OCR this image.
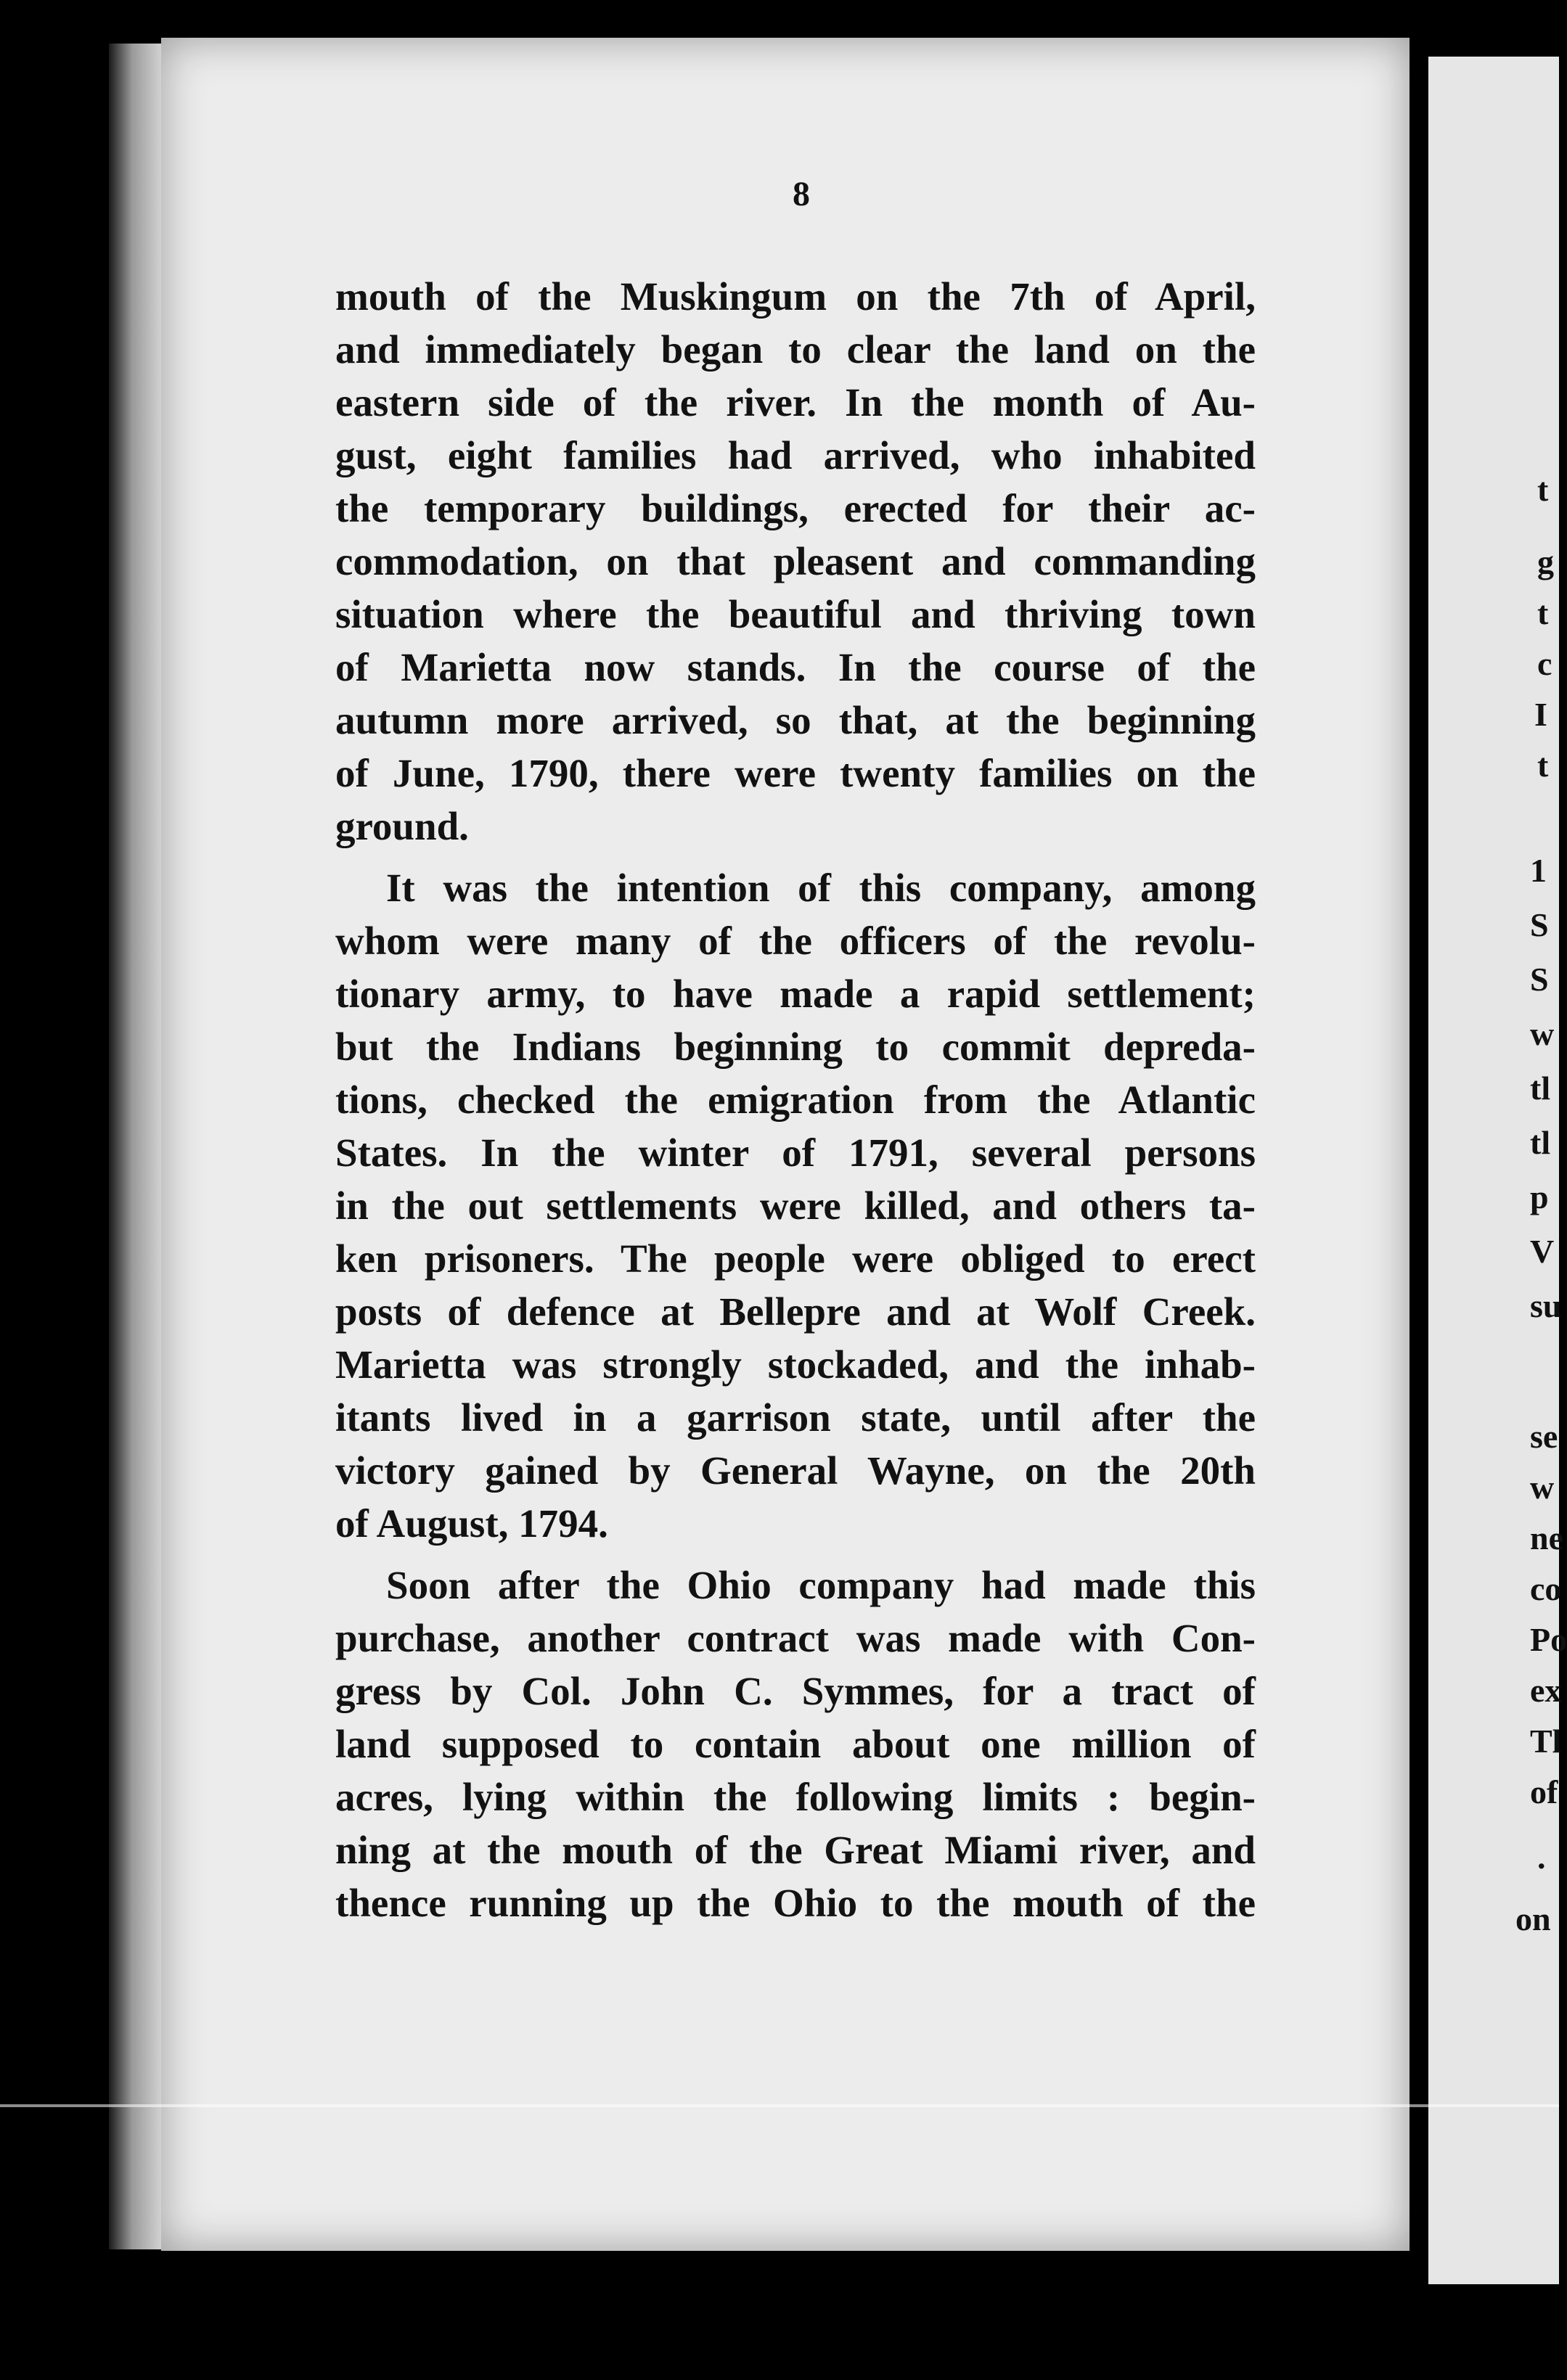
8
mouth of the Muskingum on the 7th of April,
and immediately began to clear the land on the
eastern side of the river. In the month of Au-
gust, eight families had arrived, who inhabited
the temporary buildings, erected for their ac-
commodation, on that pleasent and commanding
situation where the beautiful and thriving town
of Marietta now stands. In the course of the
autumn more arrived, so that, at the beginning
of June, 1790, there were twenty families on the
ground.
It was the intention of this company, among
whom were many of the officers of the revolu-
tionary army, to have made a rapid settlement;
but the Indians beginning to commit depreda-
tions, checked the emigration from the Atlantic
States. In the winter of 1791, several persons
in the out settlements were killed, and others ta-
ken prisoners. The people were obliged to erect
posts of defence at Bellepre and at Wolf Creek.
Marietta was strongly stockaded, and the inhab-
itants lived in a garrison state, until after the
victory gained by General Wayne, on the 20th
of August, 1794.
Soon after the Ohio company had made this
purchase, another contract was made with Con-
gress by Col. John C. Symmes, for a tract of
land supposed to contain about one million of
acres, lying within the following limits : begin-
ning at the mouth of the Great Miami river, and
thence running up the Ohio to the mouth of the
t
g
t
c
I
t
1
S
S
w
tl
tl
p
V
su
se
w
ne
co
Po
ex
Tl
of
.
on
